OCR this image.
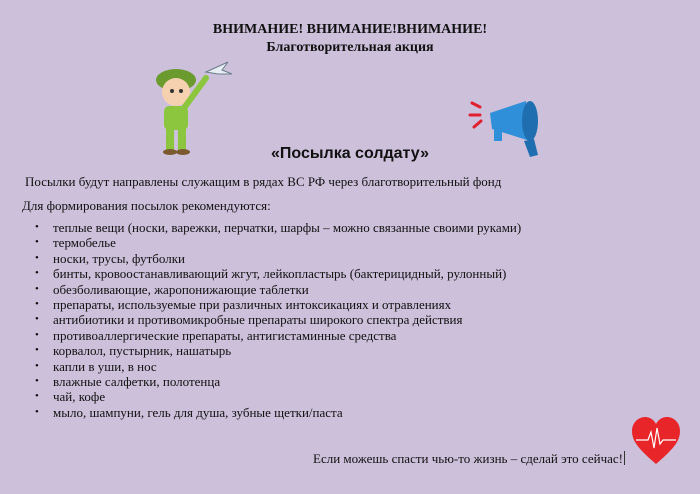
ВНИМАНИЕ! ВНИМАНИЕ!ВНИМАНИЕ!
Благотворительная акция
«Посылка солдату»
Посылки будут направлены служащим в рядах ВС РФ через благотворительный фонд
Для формирования посылок рекомендуются:
• теплые вещи (носки, варежки, перчатки, шарфы – можно связанные своими руками)
• термобелье
• носки, трусы, футболки
• бинты, кровоостанавливающий жгут, лейкопластырь (бактерицидный, рулонный)
• обезболивающие, жаропонижающие таблетки
• препараты, используемые при различных интоксикациях и отравлениях
• антибиотики и противомикробные препараты широкого спектра действия
• противоаллергические препараты, антигистаминные средства
• корвалол, пустырник, нашатырь
• капли в уши, в нос
• влажные салфетки, полотенца
• чай, кофе
• мыло, шампуни, гель для душа, зубные щетки/паста
Если можешь спасти чью-то жизнь – сделай это сейчас!
